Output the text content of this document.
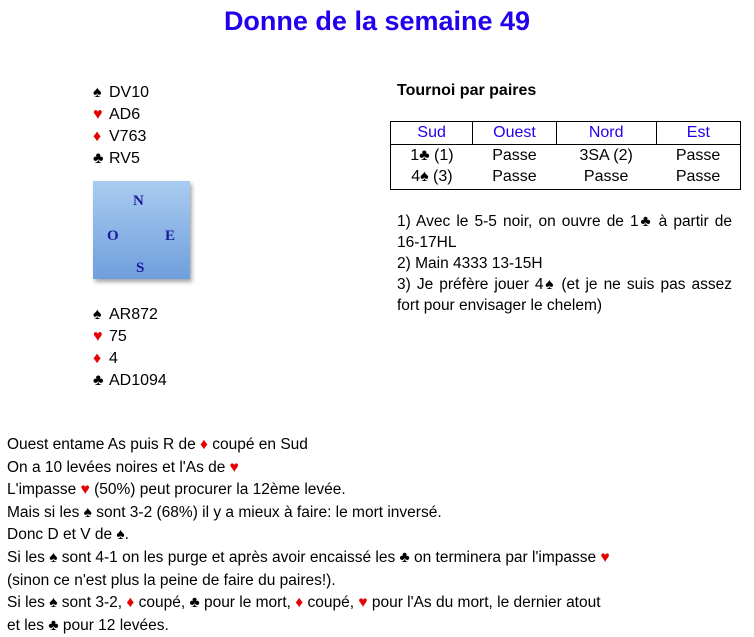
Donne de la semaine 49
♠ DV10
♥ AD6
♦ V763
♣ RV5
N
O	E
S
♠ AR872
♥ 75
♦ 4
♣ AD1094
Tournoi par paires
Sud	Ouest	Nord	Est
1♣ (1)	Passe	3SA (2)	Passe
4♠ (3)	Passe	Passe	Passe

1) Avec le 5-5 noir, on ouvre de 1♣ à partir de 16-17HL

2) Main 4333 13-15H

3) Je préfère jouer 4♠ (et je ne suis pas assez fort pour envisager le chelem)

Ouest entame As puis R de ♦ coupé en Sud

On a 10 levées noires et l'As de ♥

L'impasse ♥ (50%) peut procurer la 12ème levée.

Mais si les ♠ sont 3-2 (68%) il y a mieux à faire: le mort inversé.

Donc D et V de ♠.

Si les ♠ sont 4-1 on les purge et après avoir encaissé les ♣ on terminera par l'impasse ♥

(sinon ce n'est plus la peine de faire du paires!).

Si les ♠ sont 3-2, ♦ coupé, ♣ pour le mort, ♦ coupé, ♥ pour l'As du mort, le dernier atout

et les ♣ pour 12 levées.
